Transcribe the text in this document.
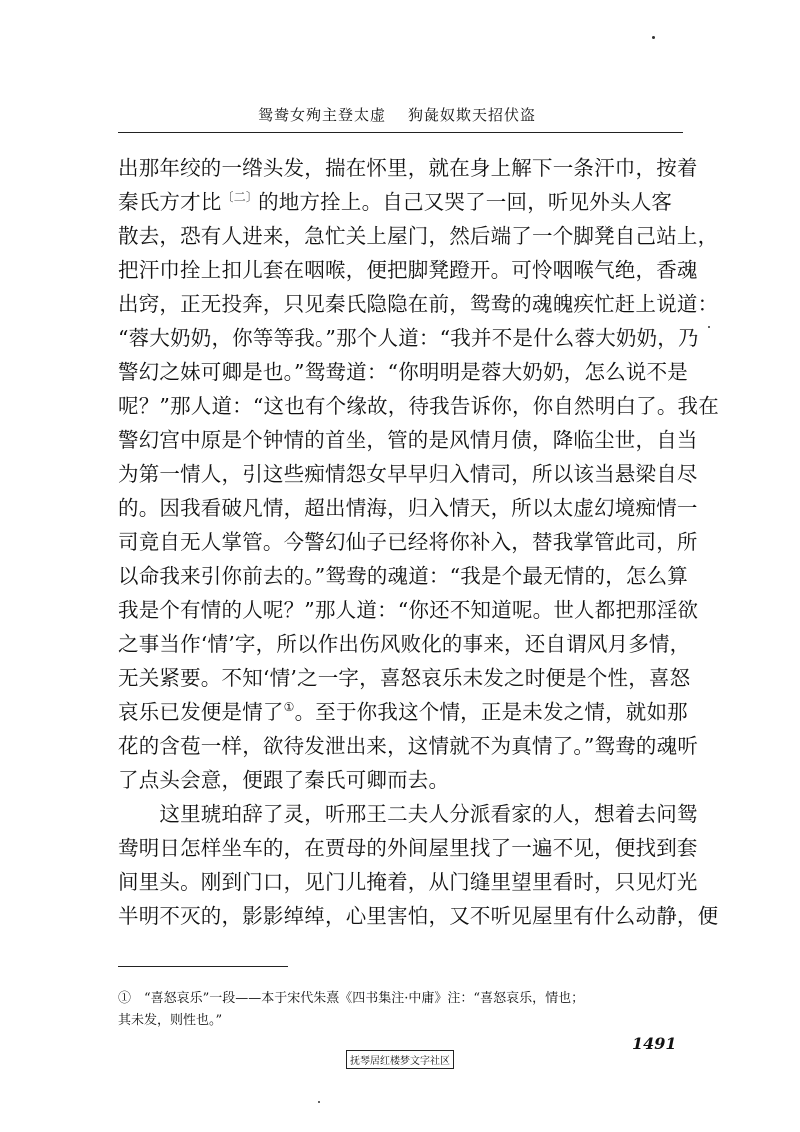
鸳鸯女殉主登太虚 狗彘奴欺天招伏盗
出那年绞的一绺头发，揣在怀里，就在身上解下一条汗巾，按着
秦氏方才比$^{〔二〕}$的地方拴上。自己又哭了一回，听见外头人客
散去，恐有人进来，急忙关上屋门，然后端了一个脚凳自己站上，
把汗巾拴上扣儿套在咽喉，便把脚凳蹬开。可怜咽喉气绝，香魂
出窍，正无投奔，只见秦氏隐隐在前，鸳鸯的魂魄疾忙赶上说道：
“蓉大奶奶，你等等我。”那个人道：“我并不是什么蓉大奶奶，乃
警幻之妹可卿是也。”鸳鸯道：“你明明是蓉大奶奶，怎么说不是
呢？”那人道：“这也有个缘故，待我告诉你，你自然明白了。我在
警幻宫中原是个钟情的首坐，管的是风情月债，降临尘世，自当
为第一情人，引这些痴情怨女早早归入情司，所以该当悬梁自尽
的。因我看破凡情，超出情海，归入情天，所以太虚幻境痴情一
司竟自无人掌管。今警幻仙子已经将你补入，替我掌管此司，所
以命我来引你前去的。”鸳鸯的魂道：“我是个最无情的，怎么算
我是个有情的人呢？”那人道：“你还不知道呢。世人都把那淫欲
之事当作‘情’字，所以作出伤风败化的事来，还自谓风月多情，
无关紧要。不知‘情’之一字，喜怒哀乐未发之时便是个性，喜怒
哀乐已发便是情了①。至于你我这个情，正是未发之情，就如那
花的含苞一样，欲待发泄出来，这情就不为真情了。”鸳鸯的魂听
了点头会意，便跟了秦氏可卿而去。
　　这里琥珀辞了灵，听邢王二夫人分派看家的人，想着去问鸳
鸯明日怎样坐车的，在贾母的外间屋里找了一遍不见，便找到套
间里头。刚到门口，见门儿掩着，从门缝里望里看时，只见灯光
半明不灭的，影影绰绰，心里害怕，又不听见屋里有什么动静，便
①　“喜怒哀乐”一段——本于宋代朱熹《四书集注·中庸》注：“喜怒哀乐，情也；
其未发，则性也。”
1491
抚琴居红楼梦文字社区
